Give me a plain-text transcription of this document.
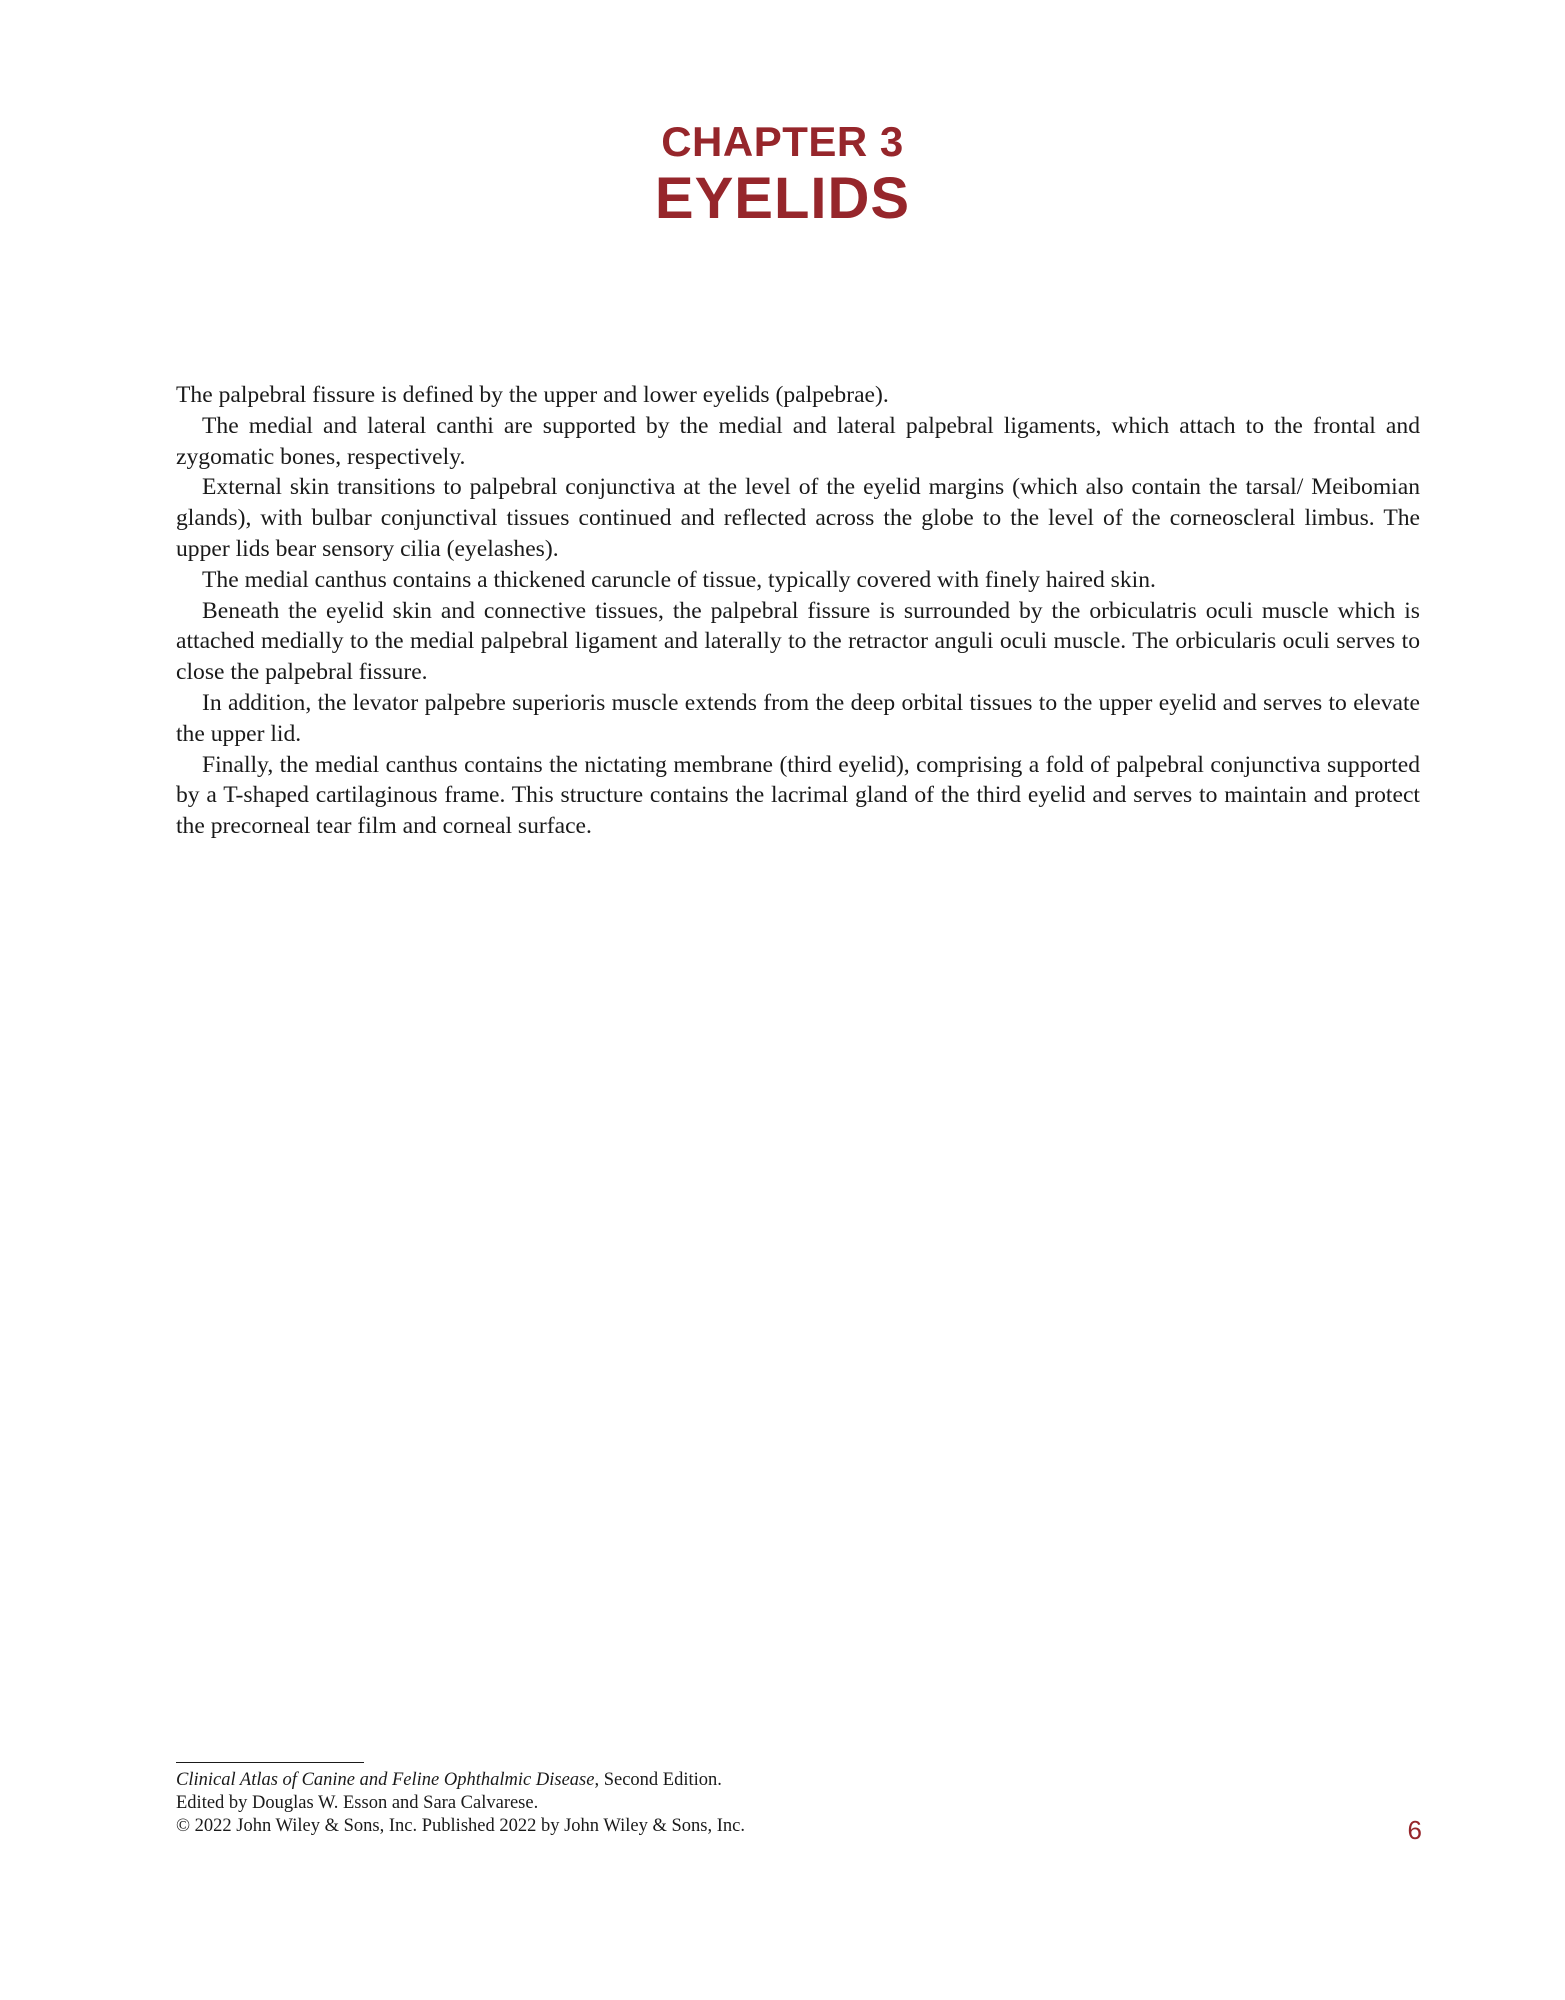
CHAPTER 3
EYELIDS

The palpebral fissure is defined by the upper and lower eyelids (palpebrae).

The medial and lateral canthi are supported by the medial and lateral palpebral ligaments, which attach to the frontal and zygomatic bones, respectively.

External skin transitions to palpebral conjunctiva at the level of the eyelid margins (which also contain the tarsal/ Meibomian glands), with bulbar conjunctival tissues continued and reflected across the globe to the level of the corneoscleral limbus. The upper lids bear sensory cilia (eyelashes).

The medial canthus contains a thickened caruncle of tissue, typically covered with finely haired skin.

Beneath the eyelid skin and connective tissues, the palpebral fissure is surrounded by the orbiculatris oculi muscle which is attached medially to the medial palpebral ligament and laterally to the retractor anguli oculi muscle. The orbicularis oculi serves to close the palpebral fissure.

In addition, the levator palpebre superioris muscle extends from the deep orbital tissues to the upper eyelid and serves to elevate the upper lid.

Finally, the medial canthus contains the nictating membrane (third eyelid), comprising a fold of palpebral conjunctiva supported by a T-shaped cartilaginous frame. This structure contains the lacrimal gland of the third eyelid and serves to maintain and protect the precorneal tear film and corneal surface.

Clinical Atlas of Canine and Feline Ophthalmic Disease, Second Edition.
Edited by Douglas W. Esson and Sara Calvarese.
© 2022 John Wiley & Sons, Inc. Published 2022 by John Wiley & Sons, Inc.	6
